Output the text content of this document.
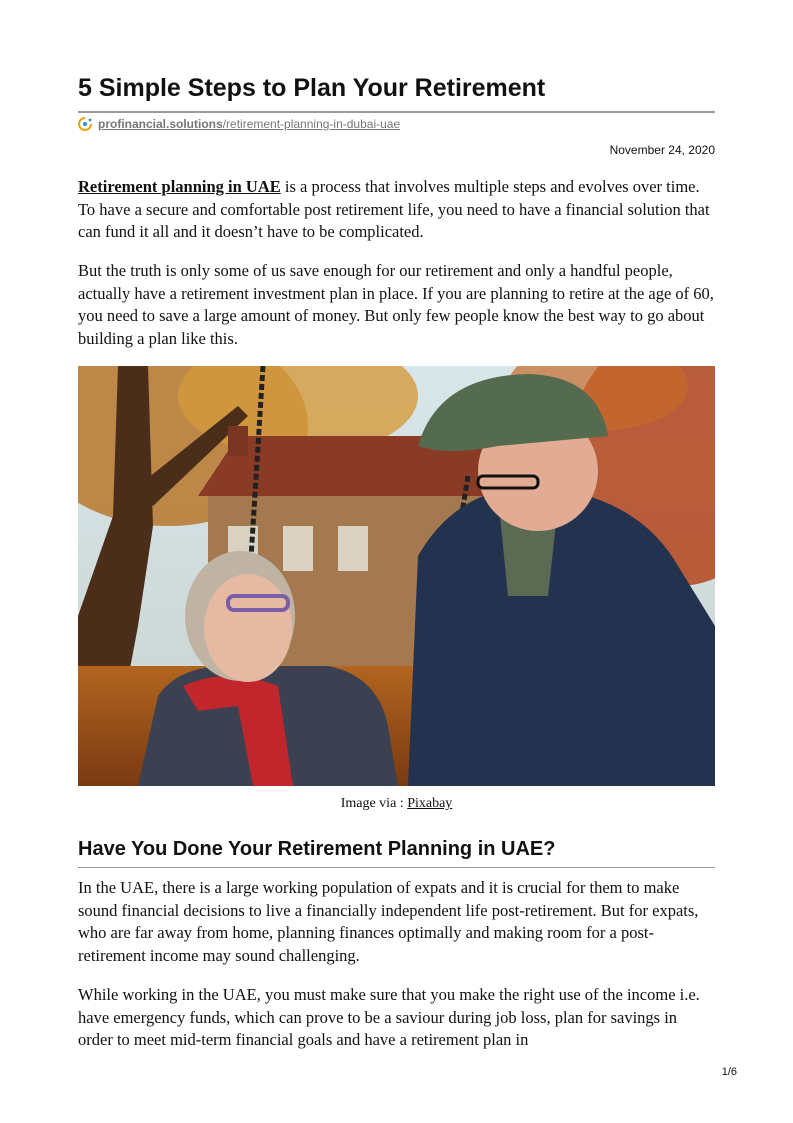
5 Simple Steps to Plan Your Retirement
profinancial.solutions/retirement-planning-in-dubai-uae
November 24, 2020

Retirement planning in UAE is a process that involves multiple steps and evolves over time. To have a secure and comfortable post retirement life, you need to have a financial solution that can fund it all and it doesn’t have to be complicated.

But the truth is only some of us save enough for our retirement and only a handful people, actually have a retirement investment plan in place. If you are planning to retire at the age of 60, you need to save a large amount of money. But only few people know the best way to go about building a plan like this.

Image via : Pixabay
Have You Done Your Retirement Planning in UAE?

In the UAE, there is a large working population of expats and it is crucial for them to make sound financial decisions to live a financially independent life post-retirement. But for expats, who are far away from home, planning finances optimally and making room for a post-retirement income may sound challenging.

While working in the UAE, you must make sure that you make the right use of the income i.e. have emergency funds, which can prove to be a saviour during job loss, plan for savings in order to meet mid-term financial goals and have a retirement plan in

1/6
